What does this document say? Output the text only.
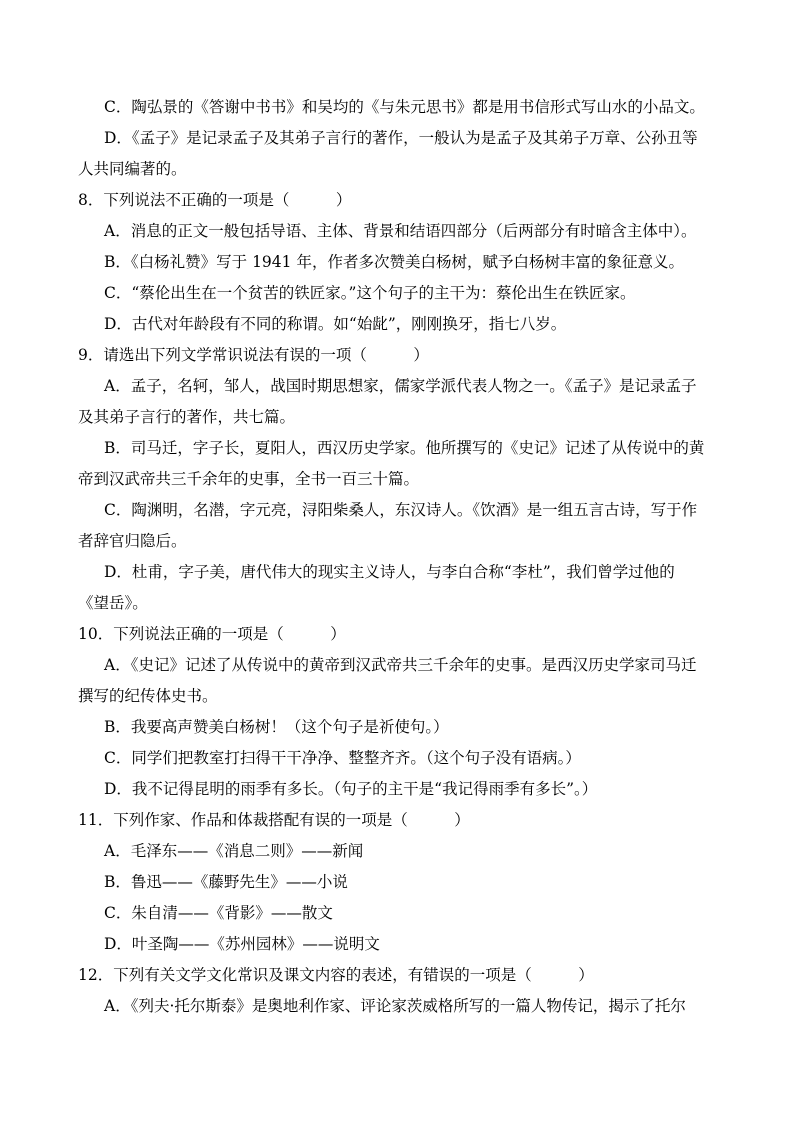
C．陶弘景的《答谢中书书》和吴均的《与朱元思书》都是用书信形式写山水的小品文。
D．《孟子》是记录孟子及其弟子言行的著作，一般认为是孟子及其弟子万章、公孙丑等
人共同编著的。
8．下列说法不正确的一项是（　　　）
A．消息的正文一般包括导语、主体、背景和结语四部分（后两部分有时暗含主体中）。
B．《白杨礼赞》写于 1941 年，作者多次赞美白杨树，赋予白杨树丰富的象征意义。
C．“蔡伦出生在一个贫苦的铁匠家。”这个句子的主干为：蔡伦出生在铁匠家。
D．古代对年龄段有不同的称谓。如“始龀”，刚刚换牙，指七八岁。
9．请选出下列文学常识说法有误的一项（　　　）
A．孟子，名轲，邹人，战国时期思想家，儒家学派代表人物之一。《孟子》是记录孟子
及其弟子言行的著作，共七篇。
B．司马迁，字子长，夏阳人，西汉历史学家。他所撰写的《史记》记述了从传说中的黄
帝到汉武帝共三千余年的史事，全书一百三十篇。
C．陶渊明，名潜，字元亮，浔阳柴桑人，东汉诗人。《饮酒》是一组五言古诗，写于作
者辞官归隐后。
D．杜甫，字子美，唐代伟大的现实主义诗人，与李白合称“李杜”，我们曾学过他的
《望岳》。
10．下列说法正确的一项是（　　　）
A．《史记》记述了从传说中的黄帝到汉武帝共三千余年的史事。是西汉历史学家司马迁
撰写的纪传体史书。
B．我要高声赞美白杨树！（这个句子是祈使句。）
C．同学们把教室打扫得干干净净、整整齐齐。（这个句子没有语病。）
D．我不记得昆明的雨季有多长。（句子的主干是“我记得雨季有多长”。）
11．下列作家、作品和体裁搭配有误的一项是（　　　）
A．毛泽东——《消息二则》——新闻
B．鲁迅——《藤野先生》——小说
C．朱自清——《背影》——散文
D．叶圣陶——《苏州园林》——说明文
12．下列有关文学文化常识及课文内容的表述，有错误的一项是（　　　）
A．《列夫·托尔斯泰》是奥地利作家、评论家茨威格所写的一篇人物传记，揭示了托尔
